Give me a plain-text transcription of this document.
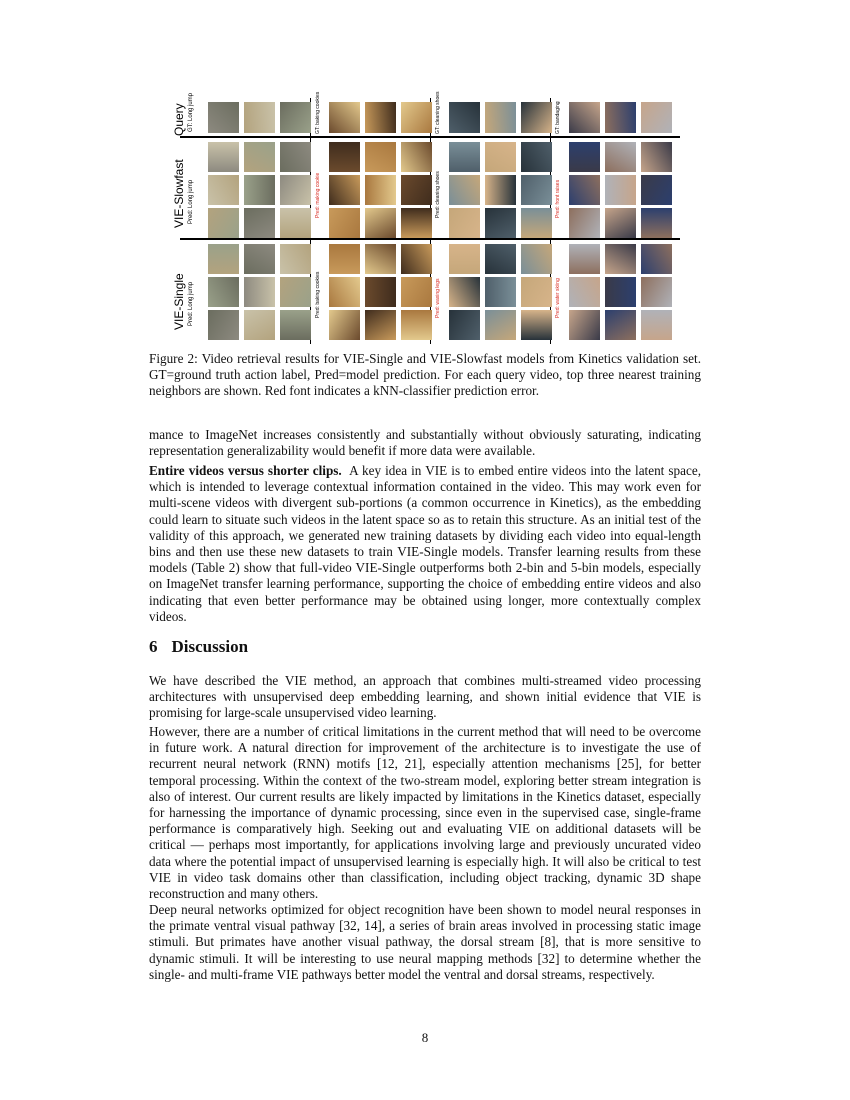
Query GT: Long jump
VIE-Slowfast Pred: Long jump
VIE-Single Pred: Long jump
GT: baking cookies	GT: cleaning shoes	GT: bandaging
Pred: making cookie	Pred: cleaning shoes	Pred: front raises
Pred: baking cookies	Pred: waxing legs	Pred: water skiing
Figure 2: Video retrieval results for VIE-Single and VIE-Slowfast models from Kinetics validation set. GT=ground truth action label, Pred=model prediction. For each query video, top three nearest training neighbors are shown. Red font indicates a kNN-classifier prediction error.
mance to ImageNet increases consistently and substantially without obviously saturating, indicating representation generalizability would benefit if more data were available.
Entire videos versus shorter clips. A key idea in VIE is to embed entire videos into the latent space, which is intended to leverage contextual information contained in the video. This may work even for multi-scene videos with divergent sub-portions (a common occurrence in Kinetics), as the embedding could learn to situate such videos in the latent space so as to retain this structure. As an initial test of the validity of this approach, we generated new training datasets by dividing each video into equal-length bins and then use these new datasets to train VIE-Single models. Transfer learning results from these models (Table 2) show that full-video VIE-Single outperforms both 2-bin and 5-bin models, especially on ImageNet transfer learning performance, supporting the choice of embedding entire videos and also indicating that even better performance may be obtained using longer, more contextually complex videos.
6 Discussion
We have described the VIE method, an approach that combines multi-streamed video processing architectures with unsupervised deep embedding learning, and shown initial evidence that VIE is promising for large-scale unsupervised video learning.
However, there are a number of critical limitations in the current method that will need to be overcome in future work. A natural direction for improvement of the architecture is to investigate the use of recurrent neural network (RNN) motifs [12, 21], especially attention mechanisms [25], for better temporal processing. Within the context of the two-stream model, exploring better stream integration is also of interest. Our current results are likely impacted by limitations in the Kinetics dataset, especially for harnessing the importance of dynamic processing, since even in the supervised case, single-frame performance is comparatively high. Seeking out and evaluating VIE on additional datasets will be critical — perhaps most importantly, for applications involving large and previously uncurated video data where the potential impact of unsupervised learning is especially high. It will also be critical to test VIE in video task domains other than classification, including object tracking, dynamic 3D shape reconstruction and many others.
Deep neural networks optimized for object recognition have been shown to model neural responses in the primate ventral visual pathway [32, 14], a series of brain areas involved in processing static image stimuli. But primates have another visual pathway, the dorsal stream [8], that is more sensitive to dynamic stimuli. It will be interesting to use neural mapping methods [32] to determine whether the single- and multi-frame VIE pathways better model the ventral and dorsal streams, respectively.
8
